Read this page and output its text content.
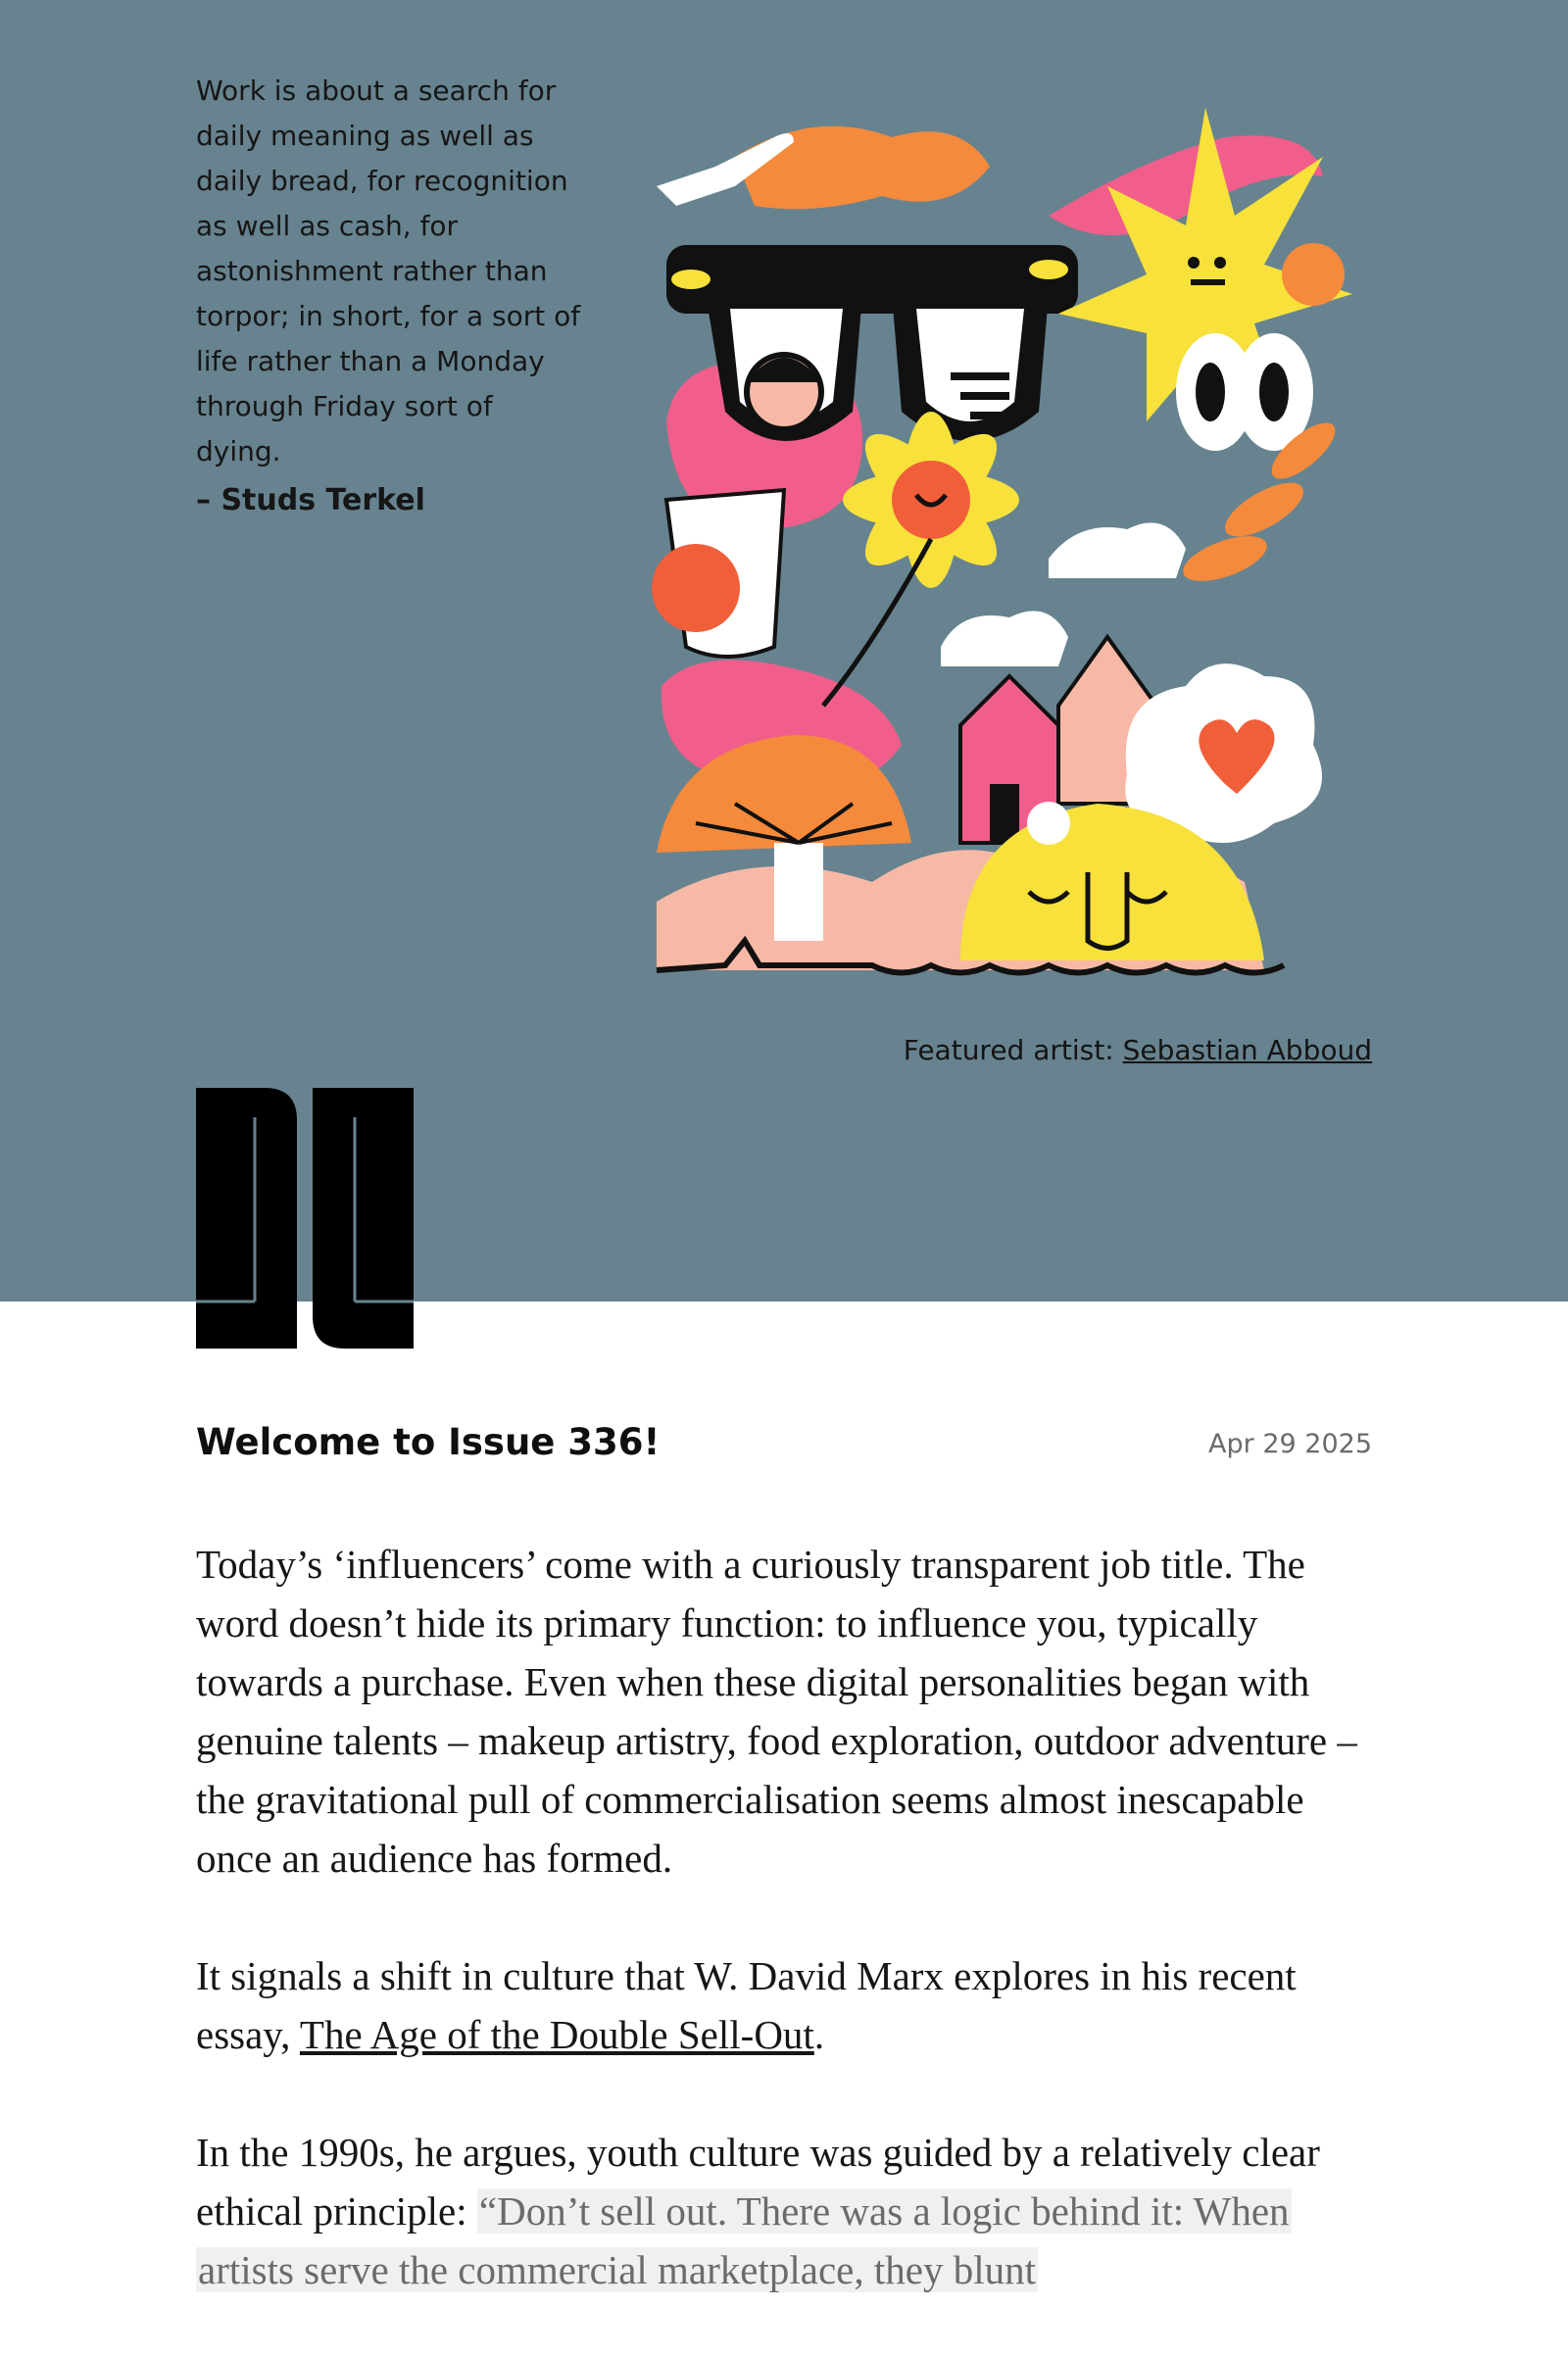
Work is about a search for daily meaning as well as daily bread, for recognition as well as cash, for astonishment rather than torpor; in short, for a sort of life rather than a Monday through Friday sort of dying.

– Studs Terkel
Featured artist: Sebastian Abboud
Welcome to Issue 336!	Apr 29 2025

Today’s ‘influencers’ come with a curiously transparent job title. The word doesn’t hide its primary function: to influence you, typically towards a purchase. Even when these digital personalities began with genuine talents – makeup artistry, food exploration, outdoor adventure – the gravitational pull of commercialisation seems almost inescapable once an audience has formed.

It signals a shift in culture that W. David Marx explores in his recent essay, The Age of the Double Sell-Out.

In the 1990s, he argues, youth culture was guided by a relatively clear ethical principle: “Don’t sell out. There was a logic behind it: When artists serve the commercial marketplace, they blunt
